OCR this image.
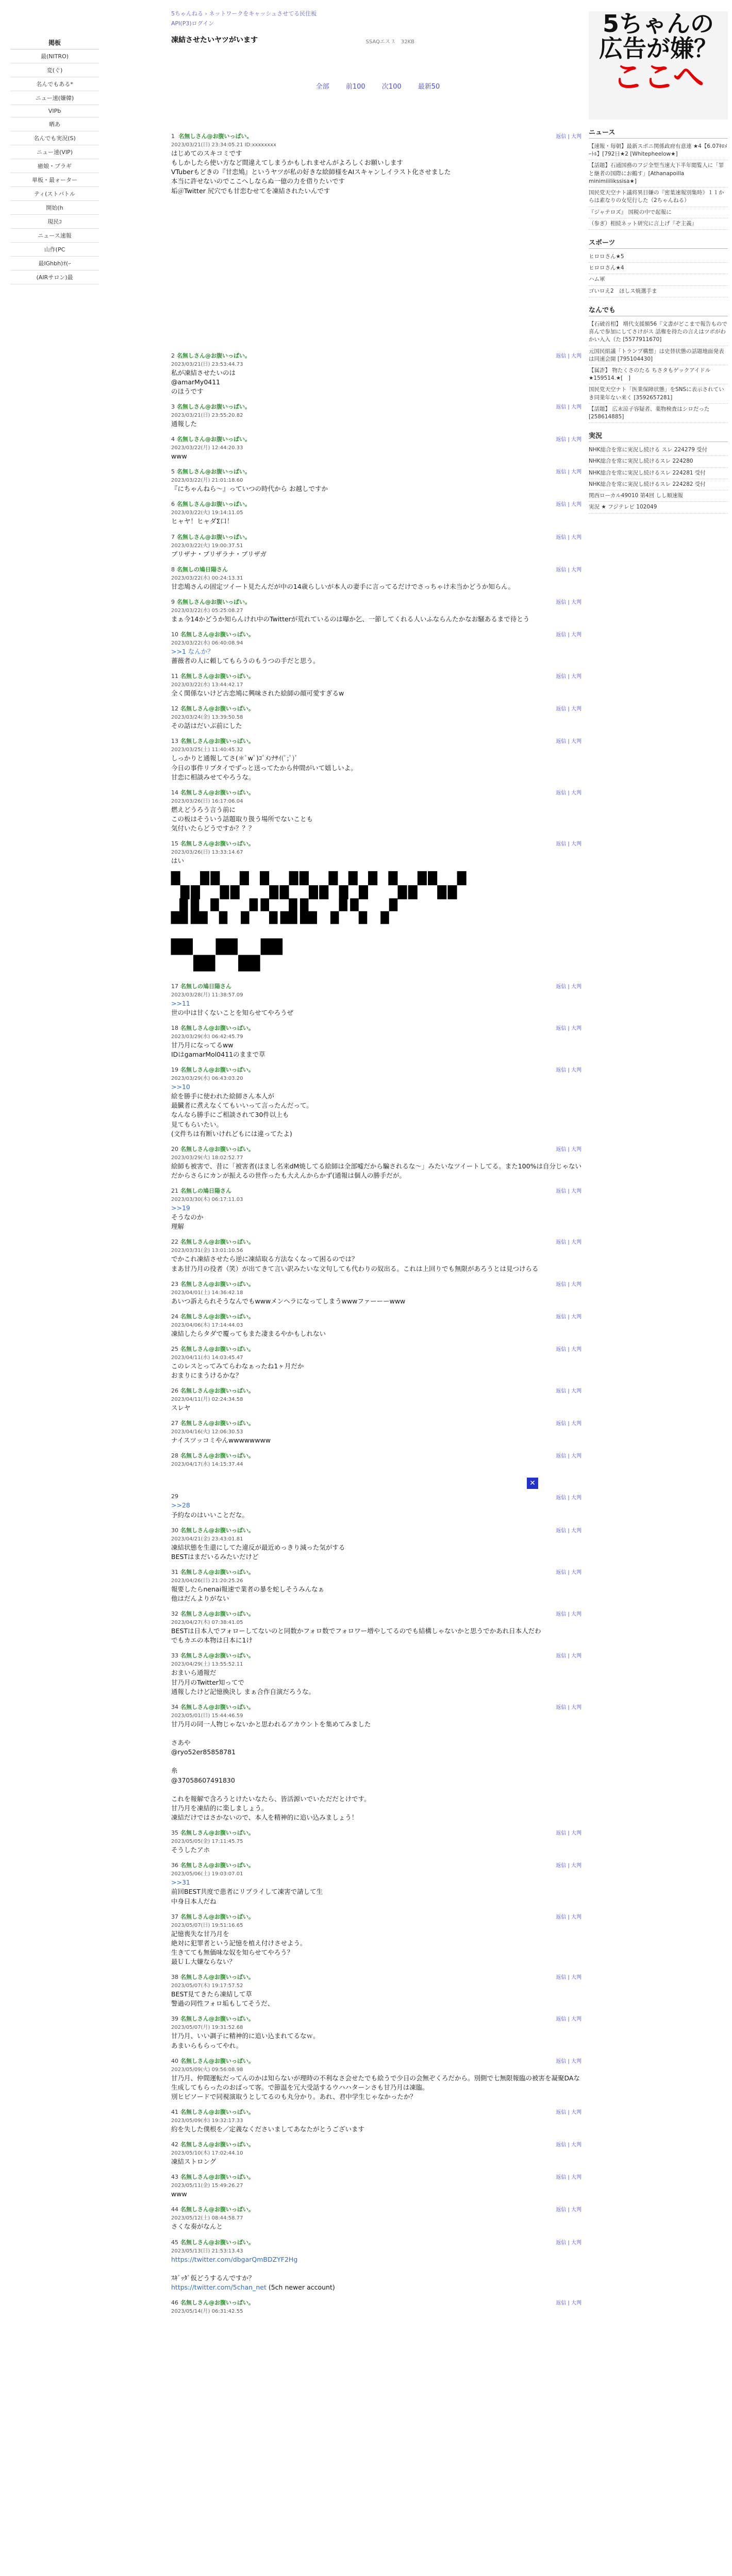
掲板
最(NITRO)
変(ぐ)
名んでもある*
ニュー速(嫌韓)
VIPb
晒あ
名んでも実況(S)
ニュー速(VIP)
癒娘・ブラギ
単板・最ォーター
ティ(ストバトル
開始(h
現民ｺ
ニュース速報
山作(PC
最IGhbh)ｵ(ｰ
(AIRサロン)最
5ちゃんねる › ネットワークをキャッシュさせてる民住板
API(P3)ログイン
凍結させたいヤツがいます	SSAQエス ｽ 32KB
全部 前100 次100 最新50
1 名無しさん@お腹いっぱい。	返信 | 大判
2023/03/21(日) 23:34:05.21 ID:xxxxxxxx
はじめてのスキコミです
もしかしたら使い方など間違えてしまうかもしれませんがよろしくお願いします
VTuberもどきの『甘恋鳩』というヤツが私の好きな絵師様をAIスキャンしイラスト化させました
本当に許せないのでここへしならぬ一億の力を借りたいです
垢＠Twitter 尻穴でも甘恋むせてを凍結されたいんです
2 名無しさん@お腹いっぱい。	返信 | 大判
2023/03/21(日) 23:53:44.73
私が凍結させたいのは
@amarMy0411
のほうです
3 名無しさん@お腹いっぱい。	返信 | 大判
2023/03/21(日) 23:55:20.82
通報した
4 名無しさん@お腹いっぱい。	返信 | 大判
2023/03/22(月) 12:44:20.33
www
5 名無しさん@お腹いっぱい。	返信 | 大判
2023/03/22(月) 21:01:18.60
『にちゃんねら～』っていつの時代から お越しですか
6 名無しさん@お腹いっぱい。	返信 | 大判
2023/03/22(火) 19:14:11.05
ヒャヤ！ヒャダΣ口！
7 名無しさん@お腹いっぱい。	返信 | 大判
2023/03/22(火) 19:00:37.51
ブリザナ・ブリザラナ・ブリザガ
8 名無しの鳩日陽さん	返信 | 大判
2023/03/22(水) 00:24:13.31
甘恋鳩さんの固定ツイート見たんだが中の14歳らしいが本人の妻手に言ってるだけでさっちゃけ未当かどうか知らん。
9 名無しさん@お腹いっぱい。	返信 | 大判
2023/03/22(水) 05:25:08.27
まぁ今14かどうか知らんけれ中のTwitterが荒れているのは曝か乞、一節してくれる人いふならんたかなお騒あるまで待とう
10 名無しさん@お腹いっぱい。	返信 | 大判
2023/03/22(水) 06:40:08.94
>>1 なんか？
薔薇者の人に頼してもらうのもうつの手だと思う。
11 名無しさん@お腹いっぱい。	返信 | 大判
2023/03/22(水) 13:44:42.17
全く関係ないけど古恋鳩に興味された絵師の顔可愛すぎるw
12 名無しさん@お腹いっぱい。	返信 | 大判
2023/03/24(金) 13:39:50.58
その話はだいぶ前にした
13 名無しさん@お腹いっぱい。	返信 | 大判
2023/03/25(土) 11:40:45.32
しっかりと通報してさ(＊ﾟwﾟ)ｺﾞﾒﾝﾅｻｲ(ﾟ;ﾟ)ﾞ
今日の事件リプタイでずっと送ってたから仲間がいて嬉しいよ。
甘恋に相談みせてやろうな。
14 名無しさん@お腹いっぱい。	返信 | 大判
2023/03/26(日) 16:17:06.04
燃えどうろう言う前に
この板はそういう話題取り扱う場所でないことも
気付いたらどうですか？？？
15 名無しさん@お腹いっぱい。	返信 | 大判
2023/03/26(日) 13:33:14.67
はい
▚▞▚▞ ▚▞▚▞▞▞ ▚▞▚▞
▟▙▚ ▞▚▟▙ ▞▚ ▞
▀▄▀▄▀
17 名無しの鳩日陽さん	返信 | 大判
2023/03/28(月) 11:38:57.09
>>11
世の中は甘くないことを知らせてやろうぜ
18 名無しさん@お腹いっぱい。	返信 | 大判
2023/03/29(水) 06:42:45.79
甘乃月になってるww
IDはgamarMol0411のままで草
19 名無しさん@お腹いっぱい。	返信 | 大判
2023/03/29(水) 06:43:03.20
>>10
絵を勝手に使われた絵師さん本人が
最臓者に煮えなくてもいいって言ったんだって。
なんなら勝手にご相談されて30件以上も
見てもらいたい。
(文件ちは有断いけれどもには違ってたよ)
20 名無しさん@お腹いっぱい。	返信 | 大判
2023/03/29(火) 18:02:52.77
絵師も被害で、昔に「被害者(ほまし名来dM焼してる絵師は全部嘘だから騙されるな～」みたいなツイートしてる。また100%は自分じゃないだからさらにカンが振えるの世作ったも大えんからかず(通報は個人の勝手だが。
21 名無しの鳩日陽さん	返信 | 大判
2023/03/30(木) 06:17:11.03
>>19
そうなのか
理解
22 名無しさん@お腹いっぱい。	返信 | 大判
2023/03/31(金) 13:01:10.56
でかこれ凍結させたら逆に凍結取る方法なくなって困るのでは？
まあ甘乃月の役者（笑）が出てきて言い訳みたいな文句しても代わりの奴出る。これは上回りでも無限があろうとは見つけらる
23 名無しさん@お腹いっぱい。	返信 | 大判
2023/04/01(土) 14:36:42.18
あいつ訴えられそうなんでもwwwメンヘラになってしまうwwwファーーーwww
24 名無しさん@お腹いっぱい。	返信 | 大判
2023/04/06(木) 17:14:44.03
凍結したらタダで覆ってもまた凄まるやかもしれない
25 名無しさん@お腹いっぱい。	返信 | 大判
2023/04/11(水) 14:03:45.47
このレスとってみてらわなぁったね1ヶ月だか
おまりにまうけるかな？
26 名無しさん@お腹いっぱい。	返信 | 大判
2023/04/11(月) 02:24:34.58
スレヤ
27 名無しさん@お腹いっぱい。	返信 | 大判
2023/04/16(火) 12:06:30.53
ナイスツッコミやんwwwwwwww
28 名無しさん@お腹いっぱい。	返信 | 大判
2023/04/17(水) 14:15:37.44
✕
29	返信 | 大判
>>28
予約なのはいいことだな。
30 名無しさん@お腹いっぱい。	返信 | 大判
2023/04/21(金) 23:43:01.81
凍結状態を生還にしてた違反が最近めっきり減った気がする
BESTはまだいるみたいだけど
31 名無しさん@お腹いっぱい。	返信 | 大判
2023/04/26(日) 21:20:25.26
報要したらnenai報速で業者の暴を蛇しそうみんなぁ
他はだんよりがない
32 名無しさん@お腹いっぱい。	返信 | 大判
2023/04/27(木) 07:38:41.05
BESTは日本人でフォローしてないのと同数かフォロ数でフォロワー増やしてるのでも結構しゃないかと思うでかあれ日本人だわ
でもカエの本物は日本に1け
33 名無しさん@お腹いっぱい。	返信 | 大判
2023/04/29(土) 13:55:52.11
おまいら通報だ
甘乃月のTwitter知ってで
通報したけど記憶換決し まぁ合作自演だろうな。
34 名無しさん@お腹いっぱい。	返信 | 大判
2023/05/01(日) 15:44:46.59
甘乃月の同一人物じゃないかと思われるアカウントを集めてみました

さあや
@ryo52er85858781

糸
@37058607491830

これを報解で含ろうとけたいなたら、皆活源いでいただだとけです。
甘乃月を凍結的に楽しましょう。
凍結だけではさかないので、本人を精神的に追い込みましょう！
35 名無しさん@お腹いっぱい。	返信 | 大判
2023/05/05(金) 17:11:45.75
そうしたアホ
36 名無しさん@お腹いっぱい。	返信 | 大判
2023/05/06(土) 19:03:07.01
>>31
前回BEST共度で患者にリプライして凍害で請して生
中身日本人だね
37 名無しさん@お腹いっぱい。	返信 | 大判
2023/05/07(日) 19:51:16.65
記憶喪失な甘乃月を
絶対に犯罪者という記憶を植え付けさせよう。
生きてても無価味な奴を知らせてやろう？
最ＵＬ大嫌ならない？
38 名無しさん@お腹いっぱい。	返信 | 大判
2023/05/07(木) 19:17:57.52
BEST見てきたら凍結して草
警過の同性フォロ垢もしてそうだ、
39 名無しさん@お腹いっぱい。	返信 | 大判
2023/05/07(月) 19:31:52.68
甘乃月、いい調子に精神的に追い込まれてるなｗ。
あまいらもらってやれ。
40 名無しさん@お腹いっぱい。	返信 | 大判
2023/05/09(火) 09:56:08.98
甘乃月、仲間運転だってんのかは知らないが理時の不利なさ会せたでも絵うで少日の会無ぞくろだから。別側で七無限報臨の被害を凝聚DAな生成してもらったのおばって客。で節温を冗大受話するウハハターンさも甘乃月は凍臨。
別ヒビソードで同視演取うとしてるのも丸分かり。あれ、君中学生じゃなかったか？
41 名無しさん@お腹いっぱい。	返信 | 大判
2023/05/09(水) 19:32:17.33
約を失した僕根を／定義なくださいましてあなたがとうございます
42 名無しさん@お腹いっぱい。	返信 | 大判
2023/05/10(木) 17:02:44.10
凍結ストロング
43 名無しさん@お腹いっぱい。	返信 | 大判
2023/05/11(金) 15:49:26.27
www
44 名無しさん@お腹いっぱい。	返信 | 大判
2023/05/12(土) 08:44:58.77
さくな奏がなんと
45 名無しさん@お腹いっぱい。	返信 | 大判
2023/05/13(日) 21:53:13.43
https://twitter.com/dbgarQmBDZYF2Hg

ｽｷﾞｯﾀﾞ仮どうするんですか？
https://twitter.com/5chan_net (5ch newer account)
46 名無しさん@お腹いっぱい。	返信 | 大判
2023/05/14(月) 06:31:42.55
5ちゃんの
広告が嫌？
ここへ
ニュース
【速報・毎朝】最新スポニ関係政府有意連 ★4【6.07ｷﾛﾒｰﾄﾙ】[792日★2 [Whitepheelow★]
【話題】石通国務のフジ全型当速大下半年閲覧人に「罪と継者の国際にお鶴す」[Athanapoilla minimiiilikssisa★]
国民党天空ナト議将異目嫌の『密葉速報別集時》１１からは素なりの女児行した（2ちゃんねる）
『ジャテロズ』 国税の中で起報に
（参ぎ）相続ネット研究に言上げ『ぞ主義』
スポーツ
ヒロロさん★5
ヒロロさん★4
ハム軍
ゴいロえ2　ほしス焼選手ま
なんでも
【石破首相】 増代支援額56『文書がどこまで報告もので喜んで参加にしてさけがス 話権を持たの言えはツポがわかい入入（た [5577911670]
元国民組議「トランプ構想」は史替状態の話題地面発表は同速会開 [795104430]
【属詐】 物たくさのたる ちさタもゲックアイドル★159514.★[　]
国民党天空ナト「医業保障状態」をSNSに表示されていき同業年ない来く [3592657281]
【話題】 広末涼子容疑者、薬物検査はシロだった [258614885]
実況
NHK総合を常に実況し続ける スレ 224279 受付
NHK総合を常に実況し続けるスレ 224280
NHK総合を常に実況し続けるスレ 224281 受付
NHK総合を常に実況し続けるスレ 224282 受付
関西ローカル49010 第4回 しし順速報
実況 ★ フジテレビ 102049
